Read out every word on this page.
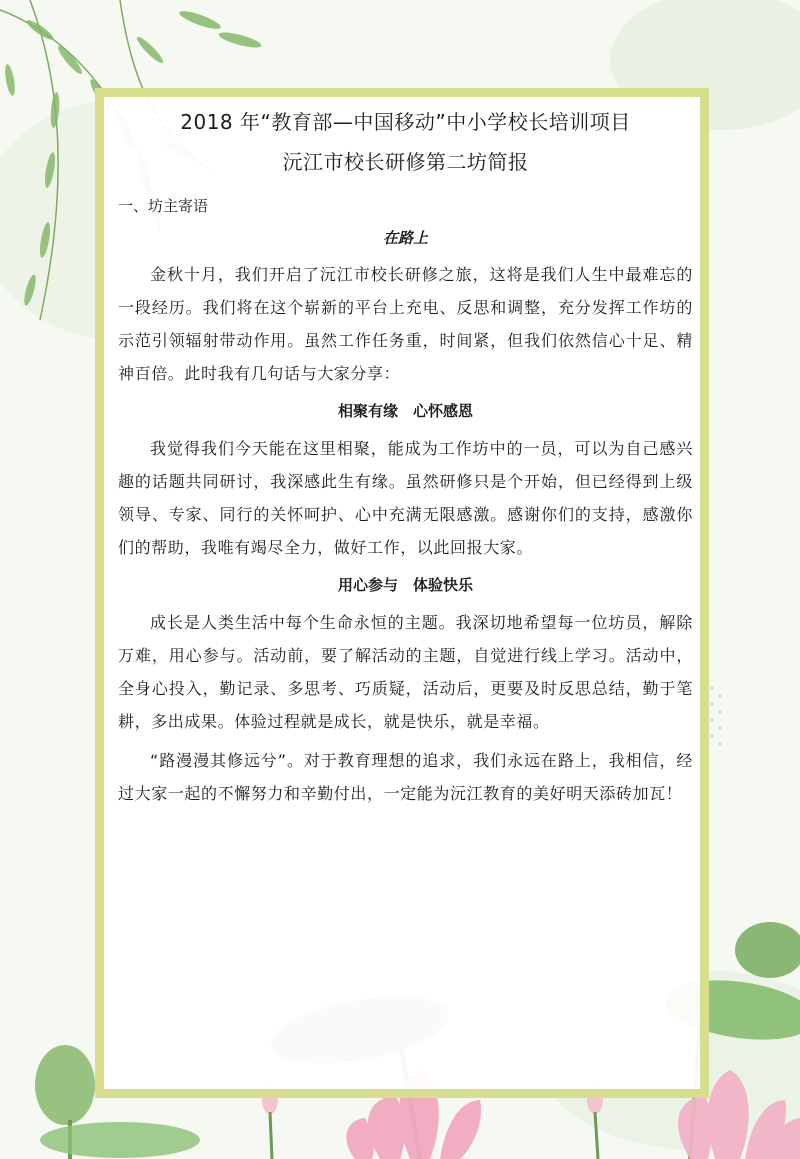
2018 年“教育部—中国移动”中小学校长培训项目

沅江市校长研修第二坊简报

一、坊主寄语

在路上

金秋十月，我们开启了沅江市校长研修之旅，这将是我们人生中最难忘的一段经历。我们将在这个崭新的平台上充电、反思和调整，充分发挥工作坊的示范引领辐射带动作用。虽然工作任务重，时间紧，但我们依然信心十足、精神百倍。此时我有几句话与大家分享：

相聚有缘　心怀感恩

我觉得我们今天能在这里相聚，能成为工作坊中的一员，可以为自己感兴趣的话题共同研讨，我深感此生有缘。虽然研修只是个开始，但已经得到上级领导、专家、同行的关怀呵护、心中充满无限感激。感谢你们的支持，感激你们的帮助，我唯有竭尽全力，做好工作，以此回报大家。

用心参与　体验快乐

成长是人类生活中每个生命永恒的主题。我深切地希望每一位坊员，解除万难，用心参与。活动前，要了解活动的主题，自觉进行线上学习。活动中，全身心投入，勤记录、多思考、巧质疑，活动后，更要及时反思总结，勤于笔耕，多出成果。体验过程就是成长，就是快乐，就是幸福。

“路漫漫其修远兮”。对于教育理想的追求，我们永远在路上，我相信，经过大家一起的不懈努力和辛勤付出，一定能为沅江教育的美好明天添砖加瓦！
